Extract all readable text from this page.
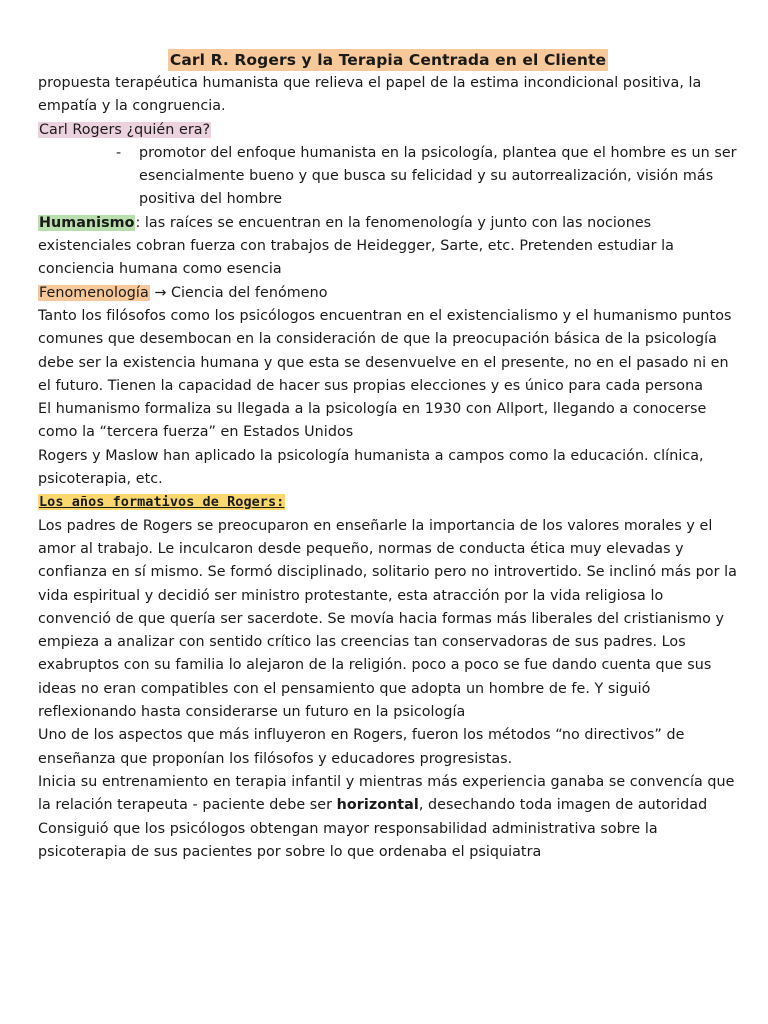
Carl R. Rogers y la Terapia Centrada en el Cliente

propuesta terapéutica humanista que relieva el papel de la estima incondicional positiva, la empatía y la congruencia.

Carl Rogers ¿quién era?

- promotor del enfoque humanista en la psicología, plantea que el hombre es un ser esencialmente bueno y que busca su felicidad y su autorrealización, visión más positiva del hombre

Humanismo: las raíces se encuentran en la fenomenología y junto con las nociones existenciales cobran fuerza con trabajos de Heidegger, Sarte, etc. Pretenden estudiar la conciencia humana como esencia

Fenomenología → Ciencia del fenómeno

Tanto los filósofos como los psicólogos encuentran en el existencialismo y el humanismo puntos comunes que desembocan en la consideración de que la preocupación básica de la psicología debe ser la existencia humana y que esta se desenvuelve en el presente, no en el pasado ni en el futuro. Tienen la capacidad de hacer sus propias elecciones y es único para cada persona

El humanismo formaliza su llegada a la psicología en 1930 con Allport, llegando a conocerse como la “tercera fuerza” en Estados Unidos

Rogers y Maslow han aplicado la psicología humanista a campos como la educación. clínica, psicoterapia, etc.

Los años formativos de Rogers:

Los padres de Rogers se preocuparon en enseñarle la importancia de los valores morales y el amor al trabajo. Le inculcaron desde pequeño, normas de conducta ética muy elevadas y confianza en sí mismo. Se formó disciplinado, solitario pero no introvertido. Se inclinó más por la vida espiritual y decidió ser ministro protestante, esta atracción por la vida religiosa lo convenció de que quería ser sacerdote. Se movía hacia formas más liberales del cristianismo y empieza a analizar con sentido crítico las creencias tan conservadoras de sus padres. Los exabruptos con su familia lo alejaron de la religión. poco a poco se fue dando cuenta que sus ideas no eran compatibles con el pensamiento que adopta un hombre de fe. Y siguió reflexionando hasta considerarse un futuro en la psicología

Uno de los aspectos que más influyeron en Rogers, fueron los métodos “no directivos” de enseñanza que proponían los filósofos y educadores progresistas.

Inicia su entrenamiento en terapia infantil y mientras más experiencia ganaba se convencía que la relación terapeuta - paciente debe ser horizontal, desechando toda imagen de autoridad

Consiguió que los psicólogos obtengan mayor responsabilidad administrativa sobre la psicoterapia de sus pacientes por sobre lo que ordenaba el psiquiatra
